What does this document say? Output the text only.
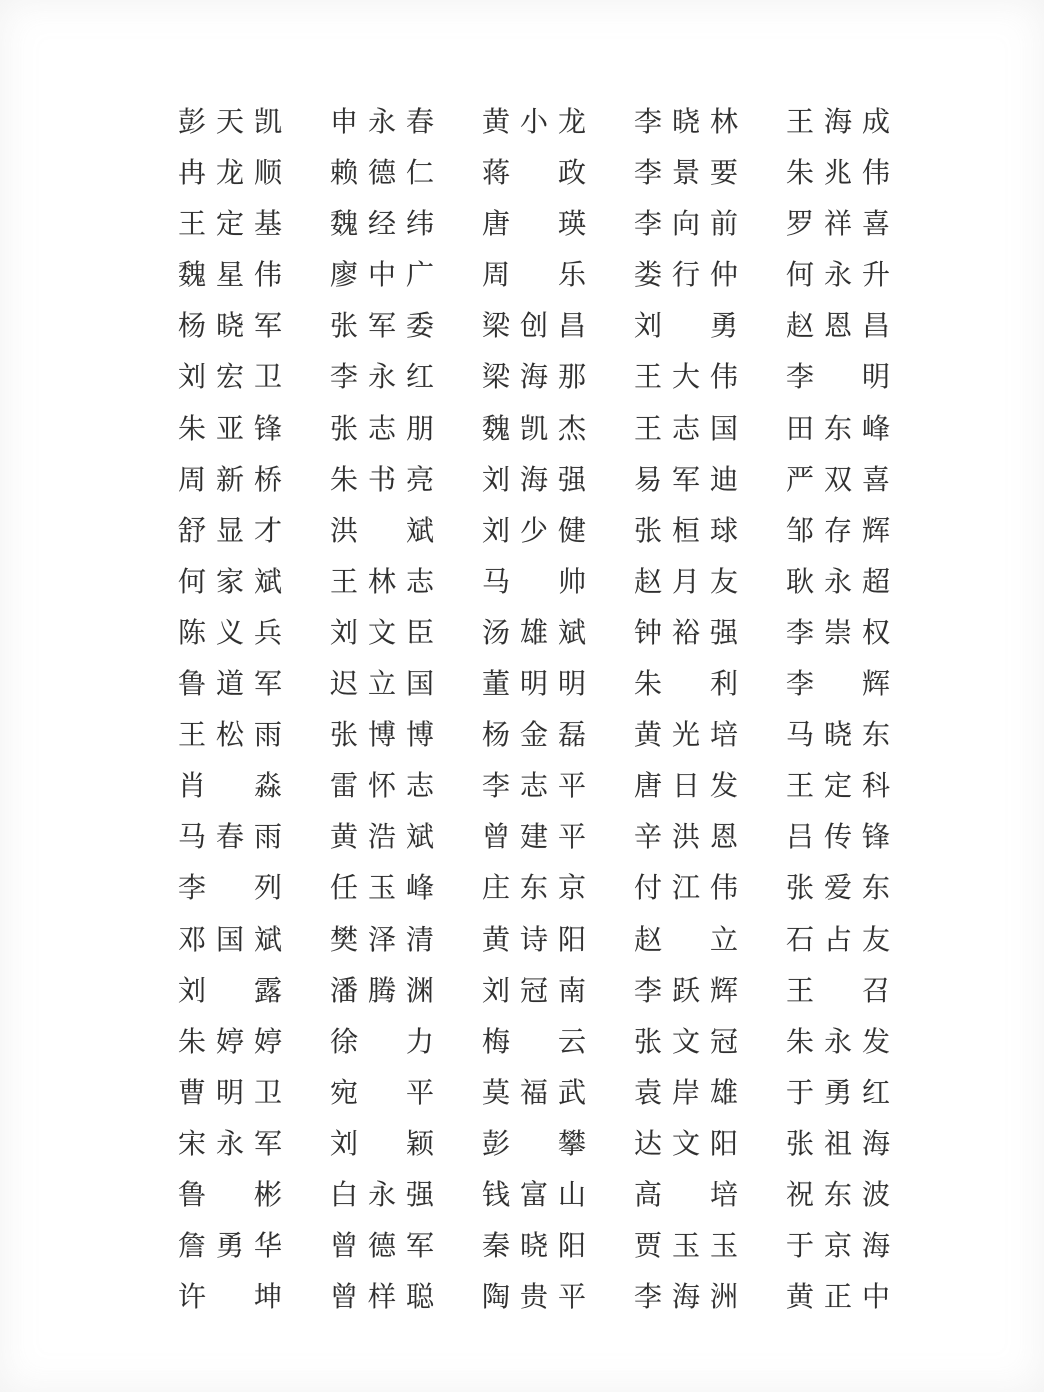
彭天凯 申永春 黄小龙 李晓林 王海成
冉龙顺 赖德仁 蒋政 李景要 朱兆伟
王定基 魏经纬 唐瑛 李向前 罗祥喜
魏星伟 廖中广 周乐 娄行仲 何永升
杨晓军 张军委 梁创昌 刘勇 赵恩昌
刘宏卫 李永红 梁海那 王大伟 李明
朱亚锋 张志朋 魏凯杰 王志国 田东峰
周新桥 朱书亮 刘海强 易军迪 严双喜
舒显才 洪斌 刘少健 张桓球 邹存辉
何家斌 王林志 马帅 赵月友 耿永超
陈义兵 刘文臣 汤雄斌 钟裕强 李崇权
鲁道军 迟立国 董明明 朱利 李辉
王松雨 张博博 杨金磊 黄光培 马晓东
肖淼 雷怀志 李志平 唐日发 王定科
马春雨 黄浩斌 曾建平 辛洪恩 吕传锋
李列 任玉峰 庄东京 付江伟 张爱东
邓国斌 樊泽清 黄诗阳 赵立 石占友
刘露 潘腾渊 刘冠南 李跃辉 王召
朱婷婷 徐力 梅云 张文冠 朱永发
曹明卫 宛平 莫福武 袁岸雄 于勇红
宋永军 刘颖 彭攀 达文阳 张祖海
鲁彬 白永强 钱富山 高培 祝东波
詹勇华 曾德军 秦晓阳 贾玉玉 于京海
许坤 曾样聪 陶贵平 李海洲 黄正中
